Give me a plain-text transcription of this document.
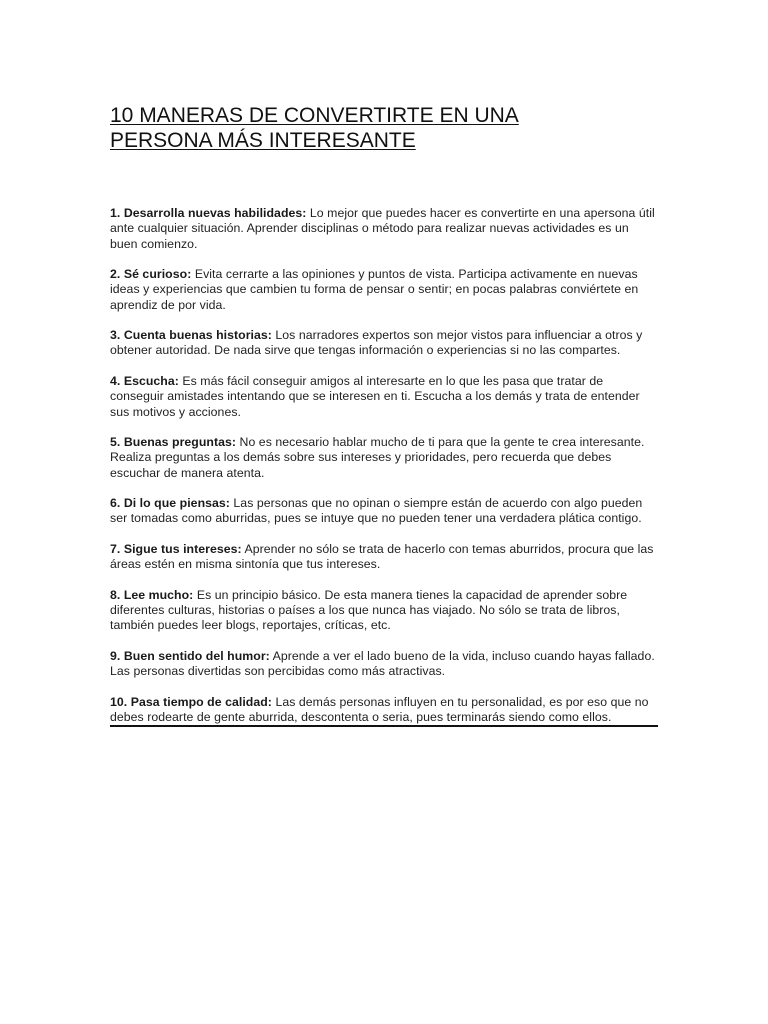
10 MANERAS DE CONVERTIRTE EN UNA
PERSONA MÁS INTERESANTE

1. Desarrolla nuevas habilidades: Lo mejor que puedes hacer es convertirte en una apersona útil ante cualquier situación. Aprender disciplinas o método para realizar nuevas actividades es un buen comienzo.

2. Sé curioso: Evita cerrarte a las opiniones y puntos de vista. Participa activamente en nuevas ideas y experiencias que cambien tu forma de pensar o sentir; en pocas palabras conviértete en aprendiz de por vida.

3. Cuenta buenas historias: Los narradores expertos son mejor vistos para influenciar a otros y obtener autoridad. De nada sirve que tengas información o experiencias si no las compartes.

4. Escucha: Es más fácil conseguir amigos al interesarte en lo que les pasa que tratar de conseguir amistades intentando que se interesen en ti. Escucha a los demás y trata de entender sus motivos y acciones.

5. Buenas preguntas: No es necesario hablar mucho de ti para que la gente te crea interesante. Realiza preguntas a los demás sobre sus intereses y prioridades, pero recuerda que debes escuchar de manera atenta.

6. Di lo que piensas: Las personas que no opinan o siempre están de acuerdo con algo pueden ser tomadas como aburridas, pues se intuye que no pueden tener una verdadera plática contigo.

7. Sigue tus intereses: Aprender no sólo se trata de hacerlo con temas aburridos, procura que las áreas estén en misma sintonía que tus intereses.

8. Lee mucho: Es un principio básico. De esta manera tienes la capacidad de aprender sobre diferentes culturas, historias o países a los que nunca has viajado. No sólo se trata de libros, también puedes leer blogs, reportajes, críticas, etc.

9. Buen sentido del humor: Aprende a ver el lado bueno de la vida, incluso cuando hayas fallado. Las personas divertidas son percibidas como más atractivas.

10. Pasa tiempo de calidad: Las demás personas influyen en tu personalidad, es por eso que no debes rodearte de gente aburrida, descontenta o seria, pues terminarás siendo como ellos.
